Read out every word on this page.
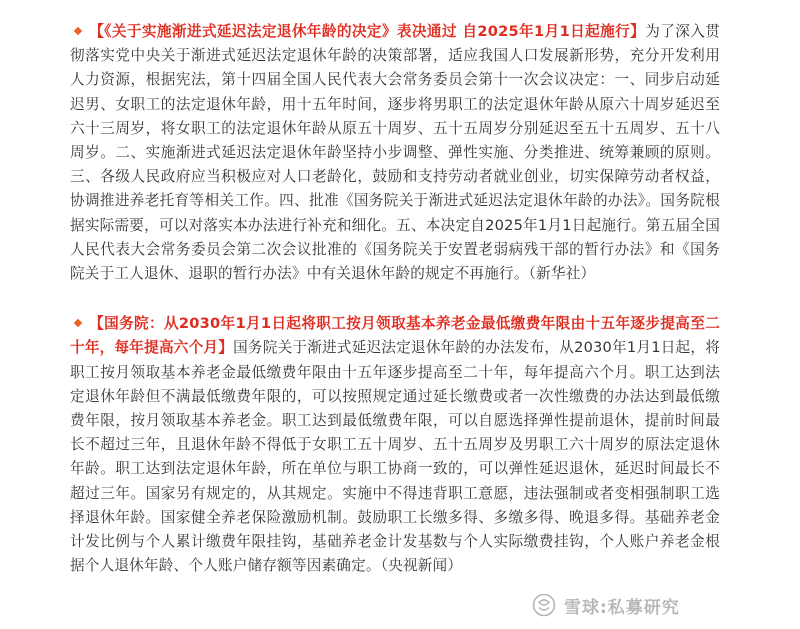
【《关于实施渐进式延迟法定退休年龄的决定》表决通过 自2025年1月1日起施行】为了深入贯彻落实党中央关于渐进式延迟法定退休年龄的决策部署，适应我国人口发展新形势，充分开发利用人力资源，根据宪法，第十四届全国人民代表大会常务委员会第十一次会议决定：一、同步启动延迟男、女职工的法定退休年龄，用十五年时间，逐步将男职工的法定退休年龄从原六十周岁延迟至六十三周岁，将女职工的法定退休年龄从原五十周岁、五十五周岁分别延迟至五十五周岁、五十八周岁。二、实施渐进式延迟法定退休年龄坚持小步调整、弹性实施、分类推进、统筹兼顾的原则。三、各级人民政府应当积极应对人口老龄化，鼓励和支持劳动者就业创业，切实保障劳动者权益，协调推进养老托育等相关工作。四、批准《国务院关于渐进式延迟法定退休年龄的办法》。国务院根据实际需要，可以对落实本办法进行补充和细化。五、本决定自2025年1月1日起施行。第五届全国人民代表大会常务委员会第二次会议批准的《国务院关于安置老弱病残干部的暂行办法》和《国务院关于工人退休、退职的暂行办法》中有关退休年龄的规定不再施行。（新华社）

【国务院：从2030年1月1日起将职工按月领取基本养老金最低缴费年限由十五年逐步提高至二十年，每年提高六个月】国务院关于渐进式延迟法定退休年龄的办法发布，从2030年1月1日起，将职工按月领取基本养老金最低缴费年限由十五年逐步提高至二十年，每年提高六个月。职工达到法定退休年龄但不满最低缴费年限的，可以按照规定通过延长缴费或者一次性缴费的办法达到最低缴费年限，按月领取基本养老金。职工达到最低缴费年限，可以自愿选择弹性提前退休，提前时间最长不超过三年，且退休年龄不得低于女职工五十周岁、五十五周岁及男职工六十周岁的原法定退休年龄。职工达到法定退休年龄，所在单位与职工协商一致的，可以弹性延迟退休，延迟时间最长不超过三年。国家另有规定的，从其规定。实施中不得违背职工意愿，违法强制或者变相强制职工选择退休年龄。国家健全养老保险激励机制。鼓励职工长缴多得、多缴多得、晚退多得。基础养老金计发比例与个人累计缴费年限挂钩，基础养老金计发基数与个人实际缴费挂钩，个人账户养老金根据个人退休年龄、个人账户储存额等因素确定。（央视新闻）

雪球:私募研究
